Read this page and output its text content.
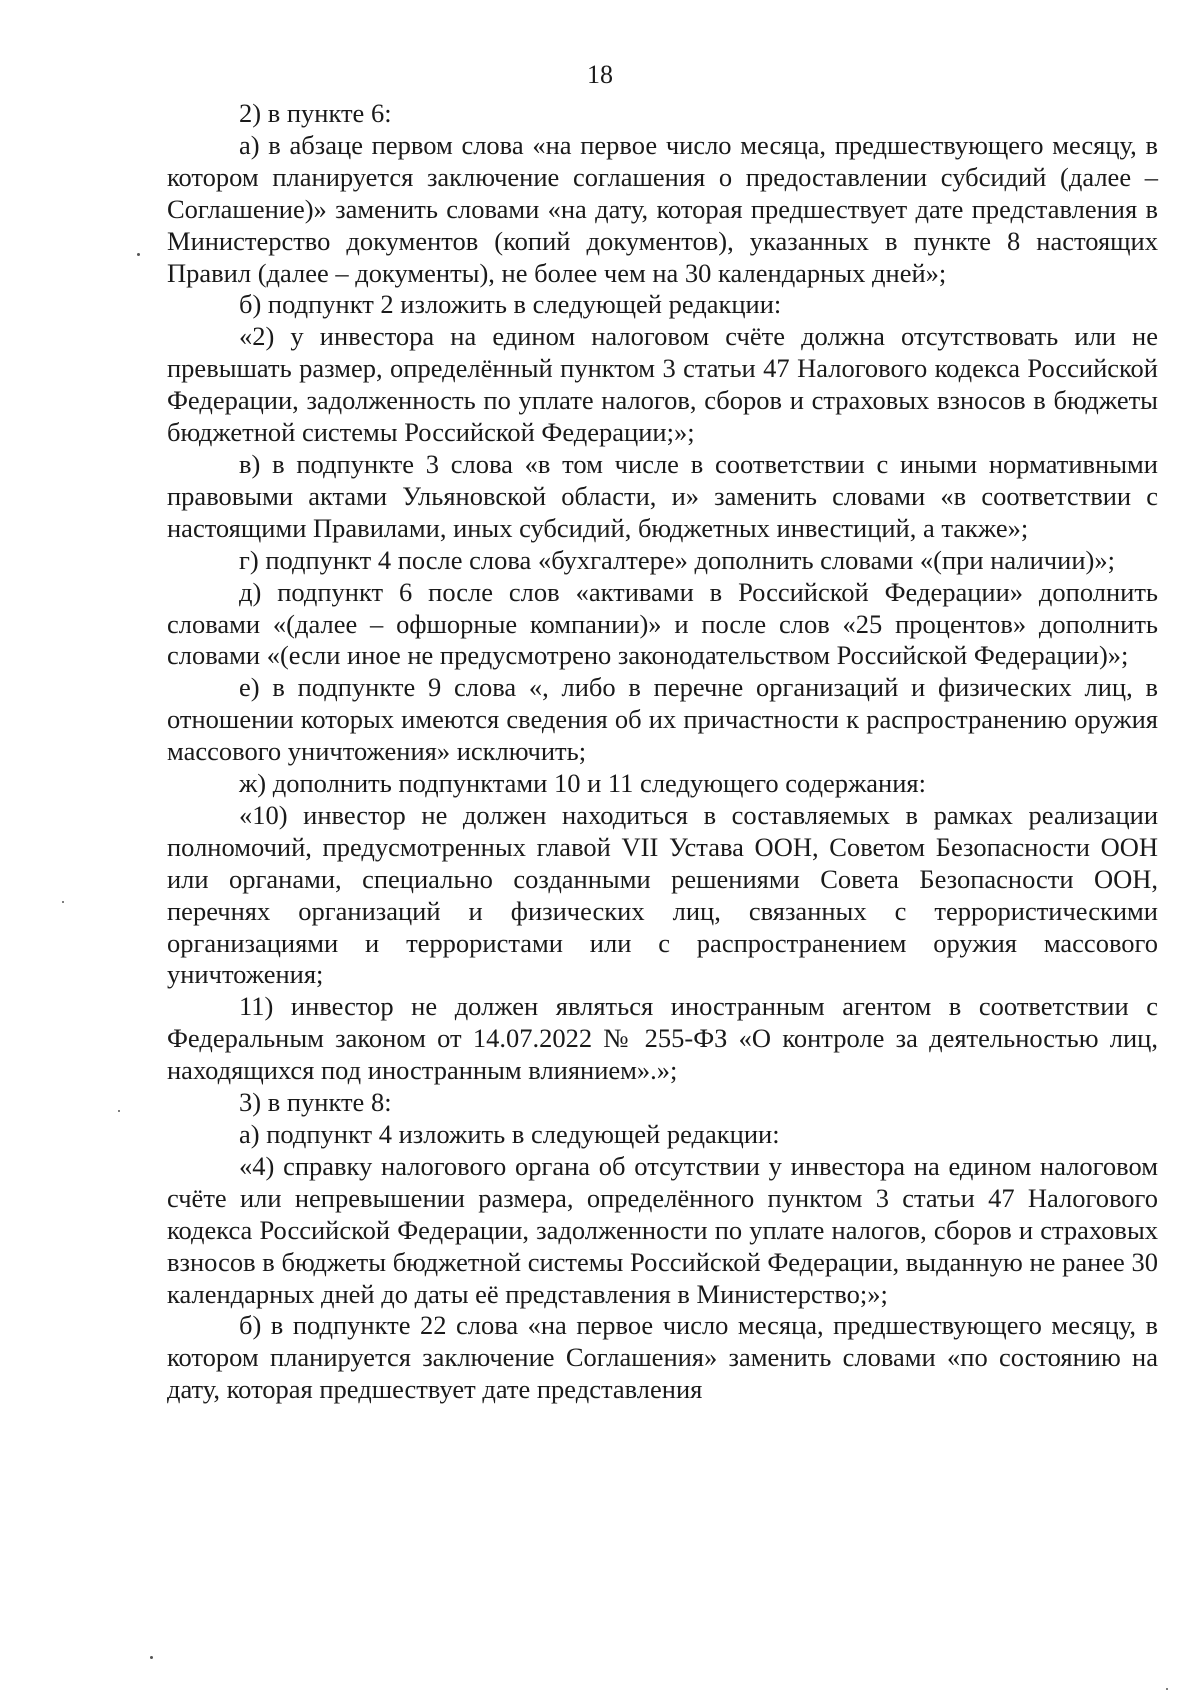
18

2) в пункте 6:

а) в абзаце первом слова «на первое число месяца, предшествующего месяцу, в котором планируется заключение соглашения о предоставлении субсидий (далее – Соглашение)» заменить словами «на дату, которая предшествует дате представления в Министерство документов (копий документов), указанных в пункте 8 настоящих Правил (далее – документы), не более чем на 30 календарных дней»;

б) подпункт 2 изложить в следующей редакции:

«2) у инвестора на едином налоговом счёте должна отсутствовать или не превышать размер, определённый пунктом 3 статьи 47 Налогового кодекса Российской Федерации, задолженность по уплате налогов, сборов и страховых взносов в бюджеты бюджетной системы Российской Федерации;»;

в) в подпункте 3 слова «в том числе в соответствии с иными нормативными правовыми актами Ульяновской области, и» заменить словами «в соответствии с настоящими Правилами, иных субсидий, бюджетных инвестиций, а также»;

г) подпункт 4 после слова «бухгалтере» дополнить словами «(при наличии)»;

д) подпункт 6 после слов «активами в Российской Федерации» дополнить словами «(далее – офшорные компании)» и после слов «25 процентов» дополнить словами «(если иное не предусмотрено законодательством Российской Федерации)»;

е) в подпункте 9 слова «, либо в перечне организаций и физических лиц, в отношении которых имеются сведения об их причастности к распространению оружия массового уничтожения» исключить;

ж) дополнить подпунктами 10 и 11 следующего содержания:

«10) инвестор не должен находиться в составляемых в рамках реализации полномочий, предусмотренных главой VII Устава ООН, Советом Безопасности ООН или органами, специально созданными решениями Совета Безопасности ООН, перечнях организаций и физических лиц, связанных с террористическими организациями и террористами или с распространением оружия массового уничтожения;

11) инвестор не должен являться иностранным агентом в соответствии с Федеральным законом от 14.07.2022 № 255-ФЗ «О контроле за деятельностью лиц, находящихся под иностранным влиянием».»;

3) в пункте 8:

а) подпункт 4 изложить в следующей редакции:

«4) справку налогового органа об отсутствии у инвестора на едином налоговом счёте или непревышении размера, определённого пунктом 3 статьи 47 Налогового кодекса Российской Федерации, задолженности по уплате налогов, сборов и страховых взносов в бюджеты бюджетной системы Российской Федерации, выданную не ранее 30 календарных дней до даты её представления в Министерство;»;

б) в подпункте 22 слова «на первое число месяца, предшествующего месяцу, в котором планируется заключение Соглашения» заменить словами «по состоянию на дату, которая предшествует дате представления
